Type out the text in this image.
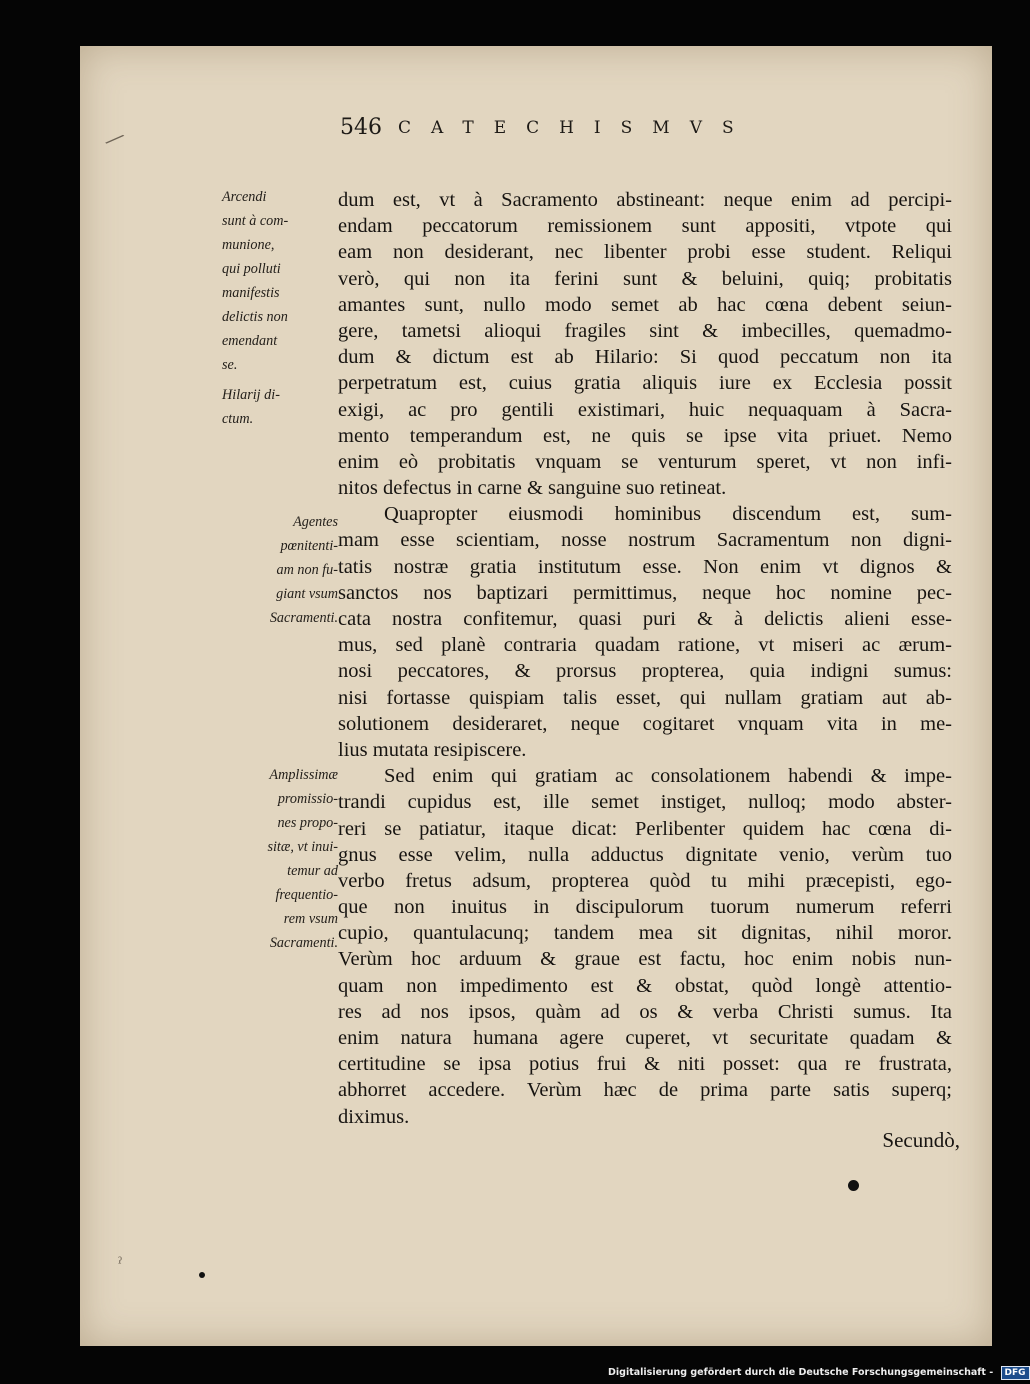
546 CATECHISMVS
Arcendi
sunt à com-
munione,
qui polluti
manifestis
delictis non
emendant
se.
Hilarij di-
ctum.
Agentes
pœnitenti-
am non fu-
giant vsum
Sacramenti.
Amplissimæ
promissio-
nes propo-
sitæ, vt inui-
temur ad
frequentio-
rem vsum
Sacramenti.
dum est, vt à Sacramento abstineant: neque enim ad percipi-
endam peccatorum remissionem sunt appositi, vtpote qui
eam non desiderant, nec libenter probi esse student. Reliqui
verò, qui non ita ferini sunt & beluini, quiq; probitatis
amantes sunt, nullo modo semet ab hac cœna debent seiun-
gere, tametsi alioqui fragiles sint & imbecilles, quemadmo-
dum & dictum est ab Hilario: Si quod peccatum non ita
perpetratum est, cuius gratia aliquis iure ex Ecclesia possit
exigi, ac pro gentili existimari, huic nequaquam à Sacra-
mento temperandum est, ne quis se ipse vita priuet. Nemo
enim eò probitatis vnquam se venturum speret, vt non infi-
nitos defectus in carne & sanguine suo retineat.
Quapropter eiusmodi hominibus discendum est, sum-
mam esse scientiam, nosse nostrum Sacramentum non digni-
tatis nostræ gratia institutum esse. Non enim vt dignos &
sanctos nos baptizari permittimus, neque hoc nomine pec-
cata nostra confitemur, quasi puri & à delictis alieni esse-
mus, sed planè contraria quadam ratione, vt miseri ac ærum-
nosi peccatores, & prorsus propterea, quia indigni sumus:
nisi fortasse quispiam talis esset, qui nullam gratiam aut ab-
solutionem desideraret, neque cogitaret vnquam vita in me-
lius mutata resipiscere.
Sed enim qui gratiam ac consolationem habendi & impe-
trandi cupidus est, ille semet instiget, nulloq; modo abster-
reri se patiatur, itaque dicat: Perlibenter quidem hac cœna di-
gnus esse velim, nulla adductus dignitate venio, verùm tuo
verbo fretus adsum, propterea quòd tu mihi præcepisti, ego-
que non inuitus in discipulorum tuorum numerum referri
cupio, quantulacunq; tandem mea sit dignitas, nihil moror.
Verùm hoc arduum & graue est factu, hoc enim nobis nun-
quam non impedimento est & obstat, quòd longè attentio-
res ad nos ipsos, quàm ad os & verba Christi sumus. Ita
enim natura humana agere cuperet, vt securitate quadam &
certitudine se ipsa potius frui & niti posset: qua re frustrata,
abhorret accedere. Verùm hæc de prima parte satis superq;
diximus.
Secundò,
⁄
ˀ
Digitalisierung gefördert durch die Deutsche Forschungsgemeinschaft - DFG
